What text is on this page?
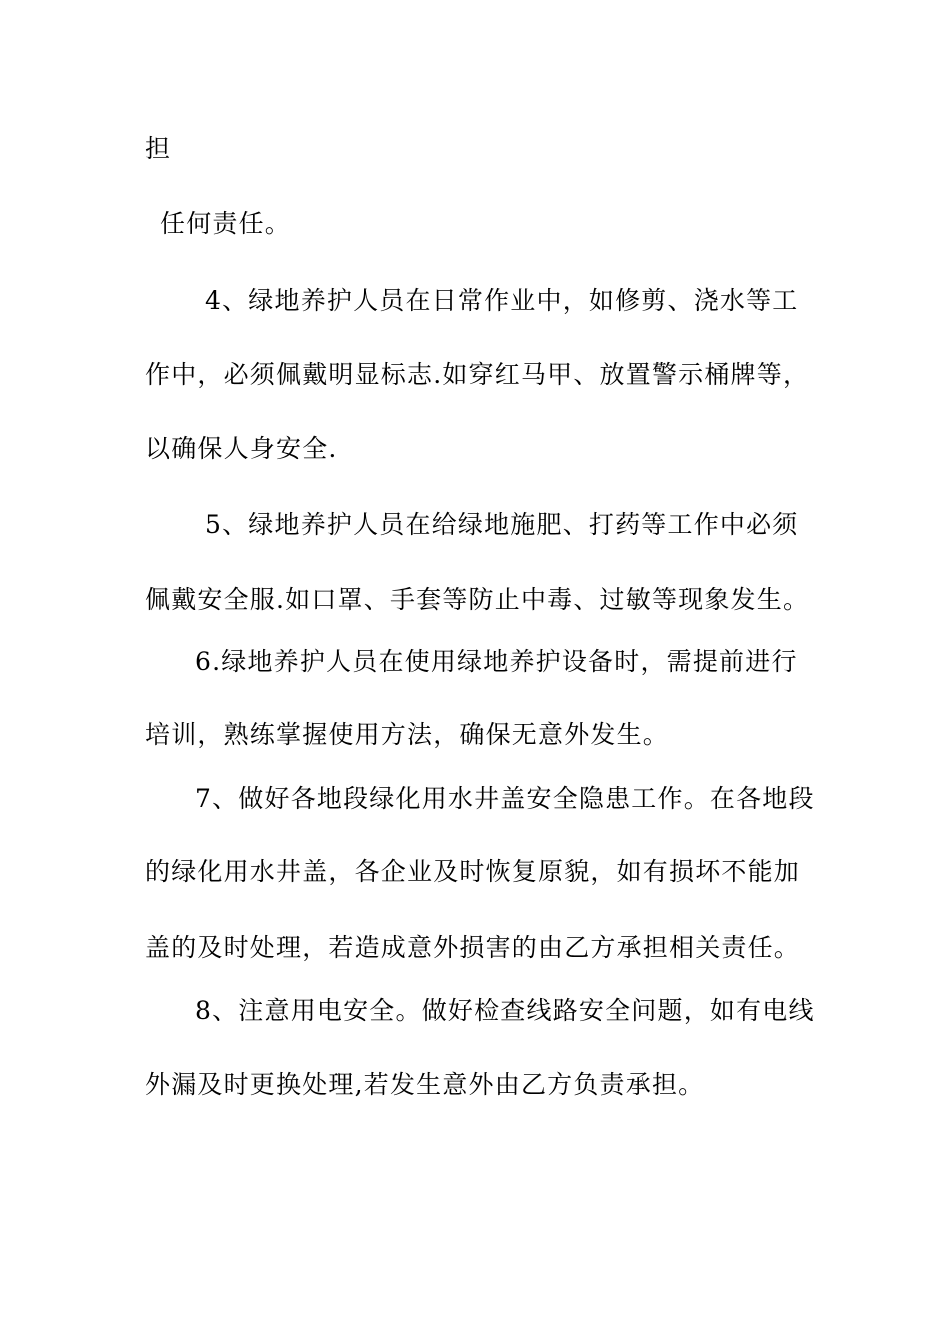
担
任何责任。
4、绿地养护人员在日常作业中，如修剪、浇水等工
作中，必须佩戴明显标志.如穿红马甲、放置警示桶牌等，
以确保人身安全.
5、绿地养护人员在给绿地施肥、打药等工作中必须
佩戴安全服.如口罩、手套等防止中毒、过敏等现象发生。
6.绿地养护人员在使用绿地养护设备时，需提前进行
培训，熟练掌握使用方法，确保无意外发生。
7、做好各地段绿化用水井盖安全隐患工作。在各地段
的绿化用水井盖，各企业及时恢复原貌，如有损坏不能加
盖的及时处理，若造成意外损害的由乙方承担相关责任。
8、注意用电安全。做好检查线路安全问题，如有电线
外漏及时更换处理,若发生意外由乙方负责承担。
